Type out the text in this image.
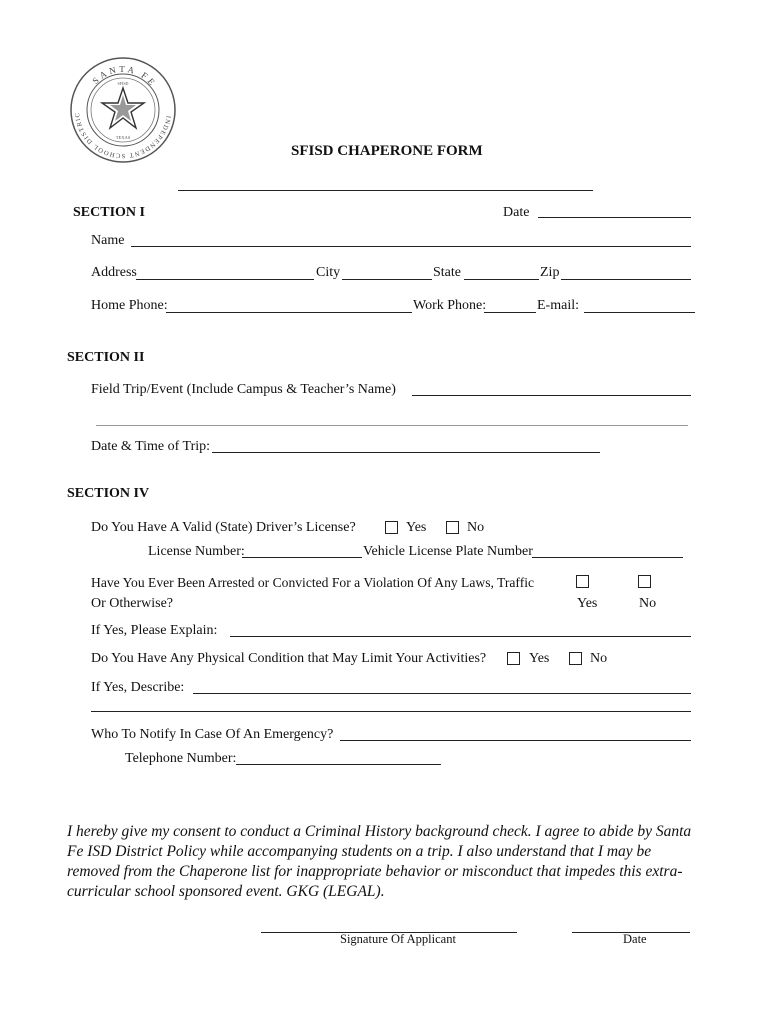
SANTA FE
INDEPENDENT SCHOOL DISTRIC
SFISD
TEXAS
SFISD CHAPERONE FORM
SECTION I	Date
Name
Address	City	State	Zip
Home Phone:	Work Phone:	E-mail:
SECTION II
Field Trip/Event (Include Campus & Teacher’s Name)
Date & Time of Trip:
SECTION IV
Do You Have A Valid (State) Driver’s License?	Yes	No
License Number:	Vehicle License Plate Number
Have You Ever Been Arrested or Convicted For a Violation Of Any Laws, Traffic
Or Otherwise?	Yes	No
If Yes, Please Explain:
Do You Have Any Physical Condition that May Limit Your Activities?	Yes	No
If Yes, Describe:
Who To Notify In Case Of An Emergency?
Telephone Number:
I hereby give my consent to conduct a Criminal History background check. I agree to abide by Santa Fe ISD District Policy while accompanying students on a trip. I also understand that I may be removed from the Chaperone list for inappropriate behavior or misconduct that impedes this extra-curricular school sponsored event. GKG (LEGAL).
Signature Of Applicant	Date
